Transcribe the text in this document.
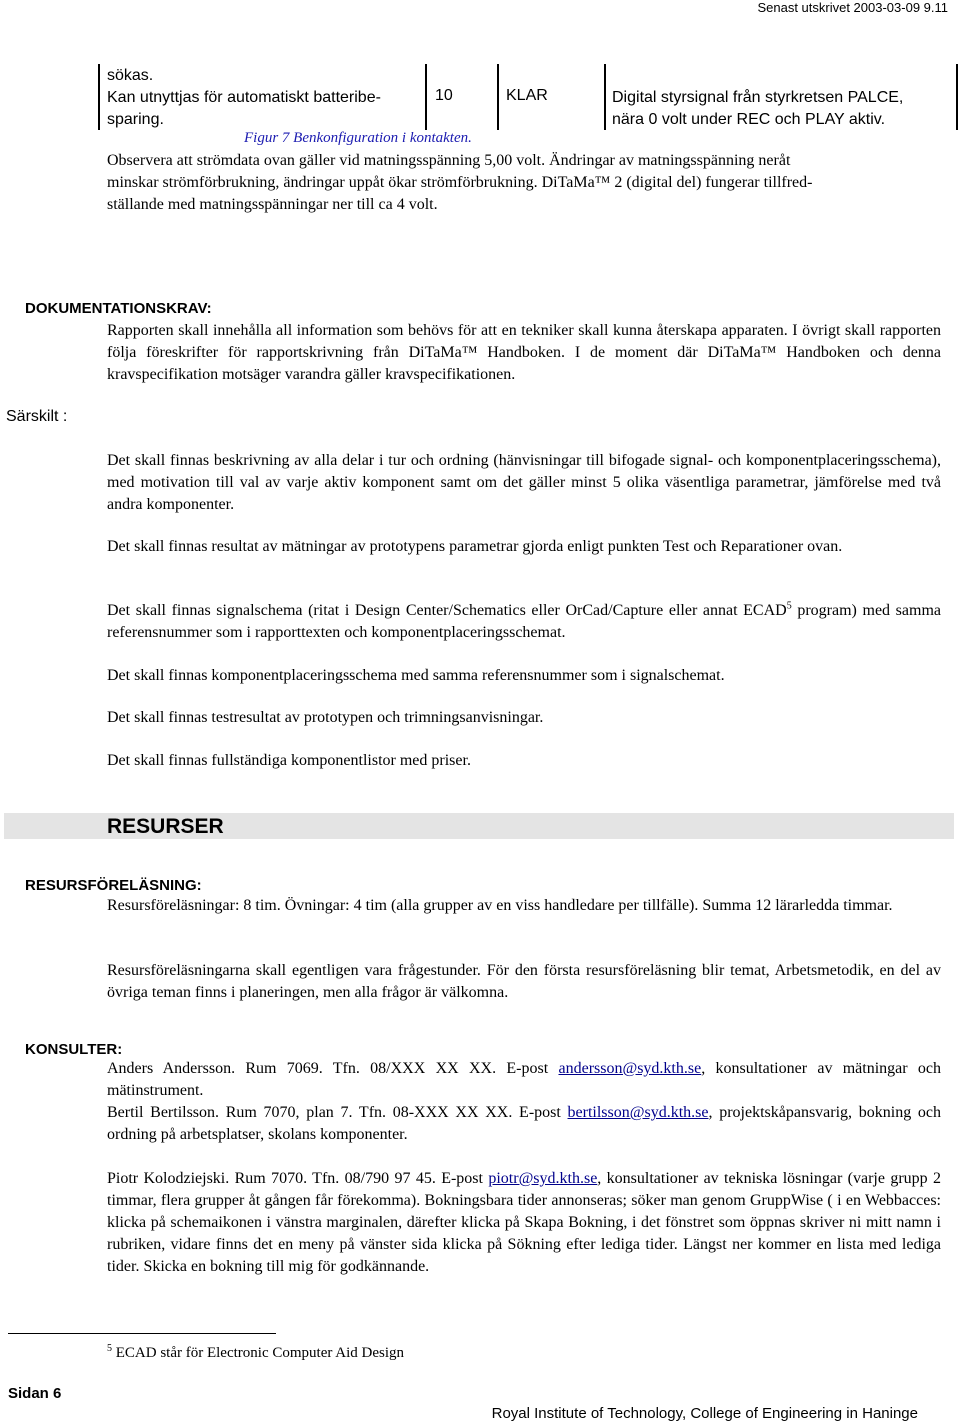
Senast utskrivet 2003-03-09 9.11
sökas.
Kan utnyttjas för automatiskt batteribe-
sparing.
10	KLAR	Digital styrsignal från styrkretsen PALCE,
nära 0 volt under REC och PLAY aktiv.
Figur 7 Benkonfiguration i kontakten.
Observera att strömdata ovan gäller vid matningsspänning 5,00 volt. Ändringar av matningsspänning neråt
minskar strömförbrukning, ändringar uppåt ökar strömförbrukning. DiTaMa™ 2 (digital del) fungerar tillfred-
ställande med matningsspänningar ner till ca 4 volt.
DOKUMENTATIONSKRAV:
Rapporten skall innehålla all information som behövs för att en tekniker skall kunna återskapa apparaten. I övrigt skall rapporten följa föreskrifter för rapportskrivning från DiTaMa™ Handboken. I de moment där DiTaMa™ Handboken och denna kravspecifikation motsäger varandra gäller kravspecifikationen.
Särskilt :
Det skall finnas beskrivning av alla delar i tur och ordning (hänvisningar till bifogade signal- och komponentplaceringsschema), med motivation till val av varje aktiv komponent samt om det gäller minst 5 olika väsentliga parametrar, jämförelse med två andra komponenter.
Det skall finnas resultat av mätningar av prototypens parametrar gjorda enligt punkten Test och Reparationer ovan.
Det skall finnas signalschema (ritat i Design Center/Schematics eller OrCad/Capture eller annat ECAD$^5$ program) med samma referensnummer som i rapporttexten och komponentplaceringsschemat.
Det skall finnas komponentplaceringsschema med samma referensnummer som i signalschemat.
Det skall finnas testresultat av prototypen och trimningsanvisningar.
Det skall finnas fullständiga komponentlistor med priser.
RESURSER
RESURSFÖRELÄSNING:
Resursföreläsningar: 8 tim. Övningar: 4 tim (alla grupper av en viss handledare per tillfälle). Summa 12 lärarledda timmar.
Resursföreläsningarna skall egentligen vara frågestunder. För den första resursföreläsning blir temat, Arbetsmetodik, en del av övriga teman finns i planeringen, men alla frågor är välkomna.
KONSULTER:
Anders Andersson. Rum 7069. Tfn. 08/XXX XX XX. E-post andersson@syd.kth.se, konsultationer av mätningar och mätinstrument.
Bertil Bertilsson. Rum 7070, plan 7. Tfn. 08-XXX XX XX. E-post bertilsson@syd.kth.se, projektskåpansvarig, bokning och ordning på arbetsplatser, skolans komponenter.
Piotr Kolodziejski. Rum 7070. Tfn. 08/790 97 45. E-post piotr@syd.kth.se, konsultationer av tekniska lösningar (varje grupp 2 timmar, flera grupper åt gången får förekomma). Bokningsbara tider annonseras; söker man genom GruppWise ( i en Webbacces: klicka på schemaikonen i vänstra marginalen, därefter klicka på Skapa Bokning, i det fönstret som öppnas skriver ni mitt namn i rubriken, vidare finns det en meny på vänster sida klicka på Sökning efter lediga tider. Längst ner kommer en lista med lediga tider. Skicka en bokning till mig för godkännande.
$^5$ ECAD står för Electronic Computer Aid Design
Sidan 6
Royal Institute of Technology, College of Engineering in Haninge
